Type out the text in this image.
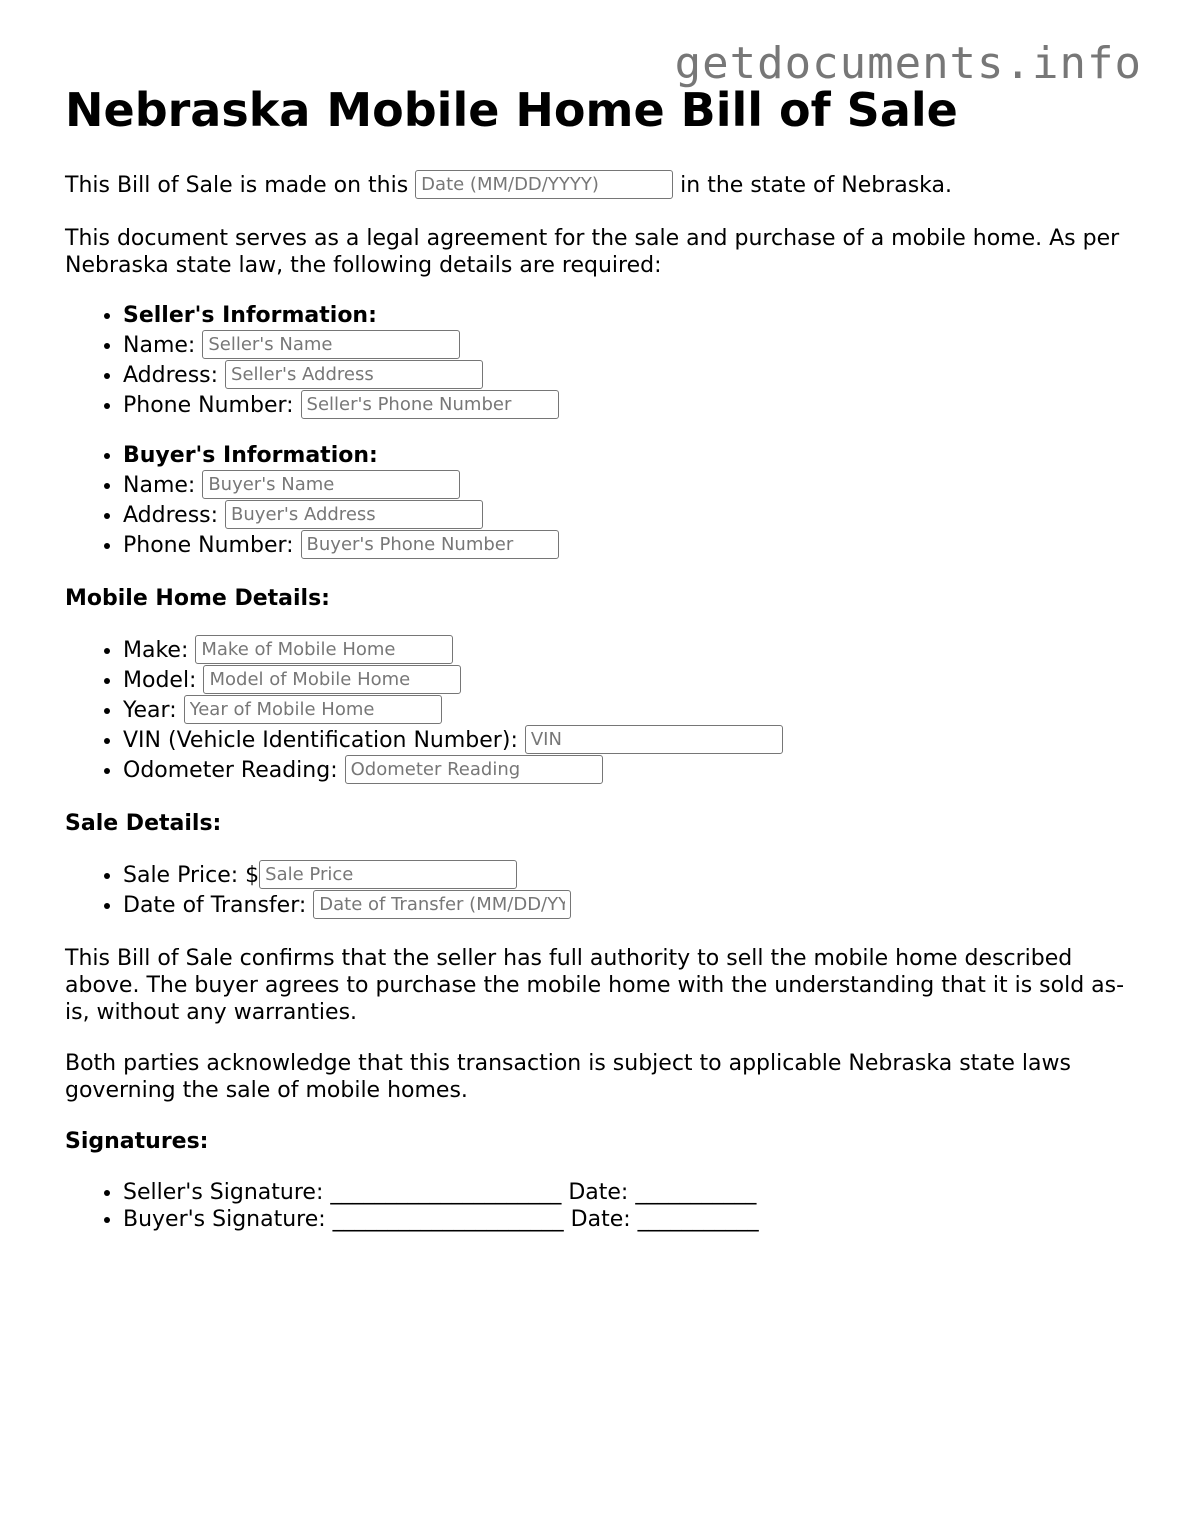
getdocuments.info
Nebraska Mobile Home Bill of Sale

This Bill of Sale is made on this Date (MM/DD/YYYY)	in the state of Nebraska.

This document serves as a legal agreement for the sale and purchase of a mobile home. As per Nebraska state law, the following details are required:

• Seller's Information:
• Name: Seller's Name
• Address: Seller's Address
• Phone Number: Seller's Phone Number
• Buyer's Information:
• Name: Buyer's Name
• Address: Buyer's Address
• Phone Number: Buyer's Phone Number
Mobile Home Details:
• Make: Make of Mobile Home
• Model: Model of Mobile Home
• Year: Year of Mobile Home
• VIN (Vehicle Identification Number): VIN
• Odometer Reading: Odometer Reading
Sale Details:
• Sale Price: $Sale Price
• Date of Transfer: Date of Transfer (MM/DD/YYYY)

This Bill of Sale confirms that the seller has full authority to sell the mobile home described above. The buyer agrees to purchase the mobile home with the understanding that it is sold as-is, without any warranties.

Both parties acknowledge that this transaction is subject to applicable Nebraska state laws governing the sale of mobile homes.

Signatures:
• Seller's Signature: _____________________ Date: ___________
• Buyer's Signature: _____________________ Date: ___________
